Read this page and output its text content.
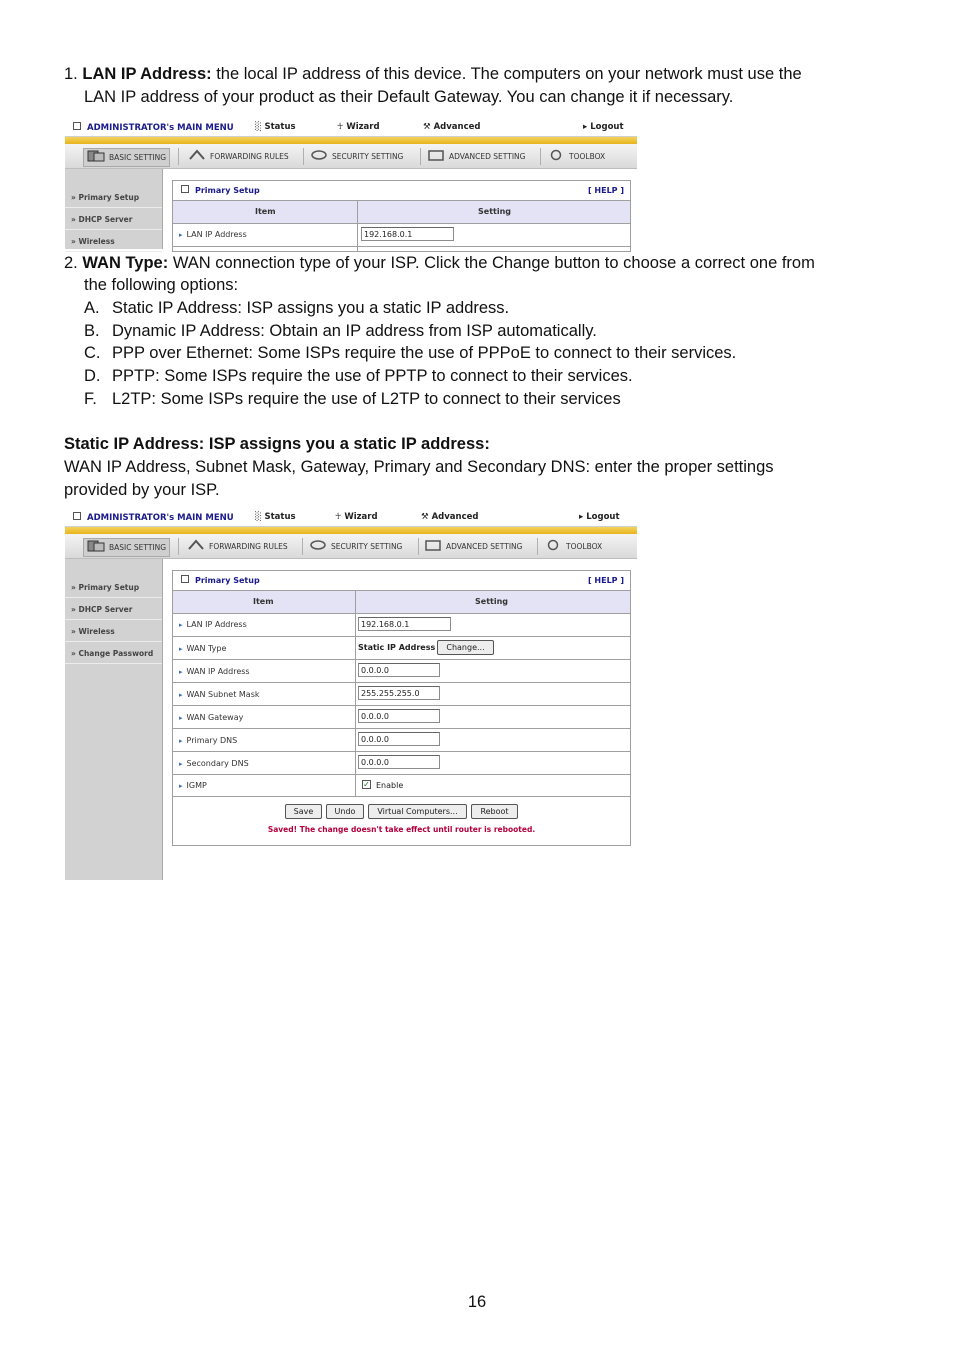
1. LAN IP Address: the local IP address of this device. The computers on your network must use the
LAN IP address of your product as their Default Gateway. You can change it if necessary.
ADMINISTRATOR's MAIN MENU	░ Status	☥ Wizard	⚒ Advanced	▸ Logout
BASIC SETTING	FORWARDING RULES	SECURITY SETTING	ADVANCED SETTING	TOOLBOX
» Primary Setup
» DHCP Server
» Wireless
Primary Setup	[ HELP ]
Item	Setting
▸ LAN IP Address	192.168.0.1
2. WAN Type: WAN connection type of your ISP. Click the Change button to choose a correct one from
the following options:
A. Static IP Address: ISP assigns you a static IP address.
B. Dynamic IP Address: Obtain an IP address from ISP automatically.
C. PPP over Ethernet: Some ISPs require the use of PPPoE to connect to their services.
D. PPTP: Some ISPs require the use of PPTP to connect to their services.
F. L2TP: Some ISPs require the use of L2TP to connect to their services
Static IP Address: ISP assigns you a static IP address:
WAN IP Address, Subnet Mask, Gateway, Primary and Secondary DNS: enter the proper settings
provided by your ISP.
ADMINISTRATOR's MAIN MENU	░ Status	☥ Wizard	⚒ Advanced	▸ Logout
BASIC SETTING	FORWARDING RULES	SECURITY SETTING	ADVANCED SETTING	TOOLBOX
» Primary Setup
» DHCP Server
» Wireless
» Change Password
Primary Setup	[ HELP ]
Item	Setting
▸ LAN IP Address	192.168.0.1
▸ WAN Type	Static IP Address	Change...
▸ WAN IP Address	0.0.0.0
▸ WAN Subnet Mask	255.255.255.0
▸ WAN Gateway	0.0.0.0
▸ Primary DNS	0.0.0.0
▸ Secondary DNS	0.0.0.0
▸ IGMP	✓ Enable
Save	Undo	Virtual Computers...	Reboot
Saved! The change doesn't take effect until router is rebooted.
16
